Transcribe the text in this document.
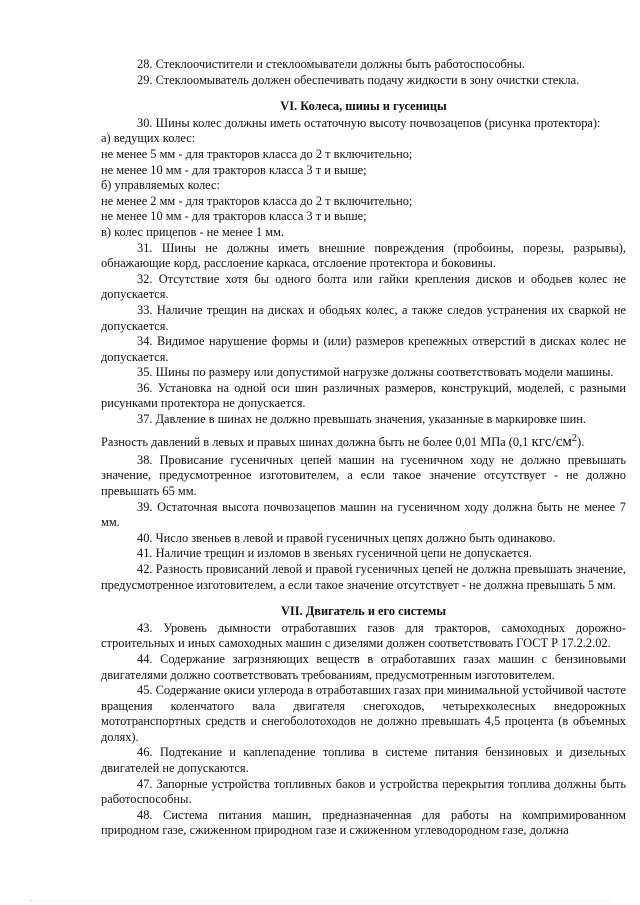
28. Стеклоочистители и стеклоомыватели должны быть работоспособны.

29. Стеклоомыватель должен обеспечивать подачу жидкости в зону очистки стекла.

VI. Колеса, шины и гусеницы

30. Шины колес должны иметь остаточную высоту почвозацепов (рисунка протектора):

а) ведущих колес:

не менее 5 мм - для тракторов класса до 2 т включительно;

не менее 10 мм - для тракторов класса 3 т и выше;

б) управляемых колес:

не менее 2 мм - для тракторов класса до 2 т включительно;

не менее 10 мм - для тракторов класса 3 т и выше;

в) колес прицепов - не менее 1 мм.

31. Шины не должны иметь внешние повреждения (пробоины, порезы, разрывы), обнажающие корд, расслоение каркаса, отслоение протектора и боковины.

32. Отсутствие хотя бы одного болта или гайки крепления дисков и ободьев колес не допускается.

33. Наличие трещин на дисках и ободьях колес, а также следов устранения их сваркой не допускается.

34. Видимое нарушение формы и (или) размеров крепежных отверстий в дисках колес не допускается.

35. Шины по размеру или допустимой нагрузке должны соответствовать модели машины.

36. Установка на одной оси шин различных размеров, конструкций, моделей, с разными рисунками протектора не допускается.

37. Давление в шинах не должно превышать значения, указанные в маркировке шин.

Разность давлений в левых и правых шинах должна быть не более 0,01 МПа (0,1 кгс/$см^2$).

38. Провисание гусеничных цепей машин на гусеничном ходу не должно превышать значение, предусмотренное изготовителем, а если такое значение отсутствует - не должно превышать 65 мм.

39. Остаточная высота почвозацепов машин на гусеничном ходу должна быть не менее 7 мм.

40. Число звеньев в левой и правой гусеничных цепях должно быть одинаково.

41. Наличие трещин и изломов в звеньях гусеничной цепи не допускается.

42. Разность провисаний левой и правой гусеничных цепей не должна превышать значение, предусмотренное изготовителем, а если такое значение отсутствует - не должна превышать 5 мм.

VII. Двигатель и его системы

43. Уровень дымности отработавших газов для тракторов, самоходных дорожно-строительных и иных самоходных машин с дизелями должен соответствовать ГОСТ Р 17.2.2.02.

44. Содержание загрязняющих веществ в отработавших газах машин с бензиновыми двигателями должно соответствовать требованиям, предусмотренным изготовителем.

45. Содержание окиси углерода в отработавших газах при минимальной устойчивой частоте вращения коленчатого вала двигателя снегоходов, четырехколесных внедорожных мототранспортных средств и снегоболотоходов не должно превышать 4,5 процента (в объемных долях).

46. Подтекание и каплепадение топлива в системе питания бензиновых и дизельных двигателей не допускаются.

47. Запорные устройства топливных баков и устройства перекрытия топлива должны быть работоспособны.

48. Система питания машин, предназначенная для работы на компримированном природном газе, сжиженном природном газе и сжиженном углеводородном газе, должна
